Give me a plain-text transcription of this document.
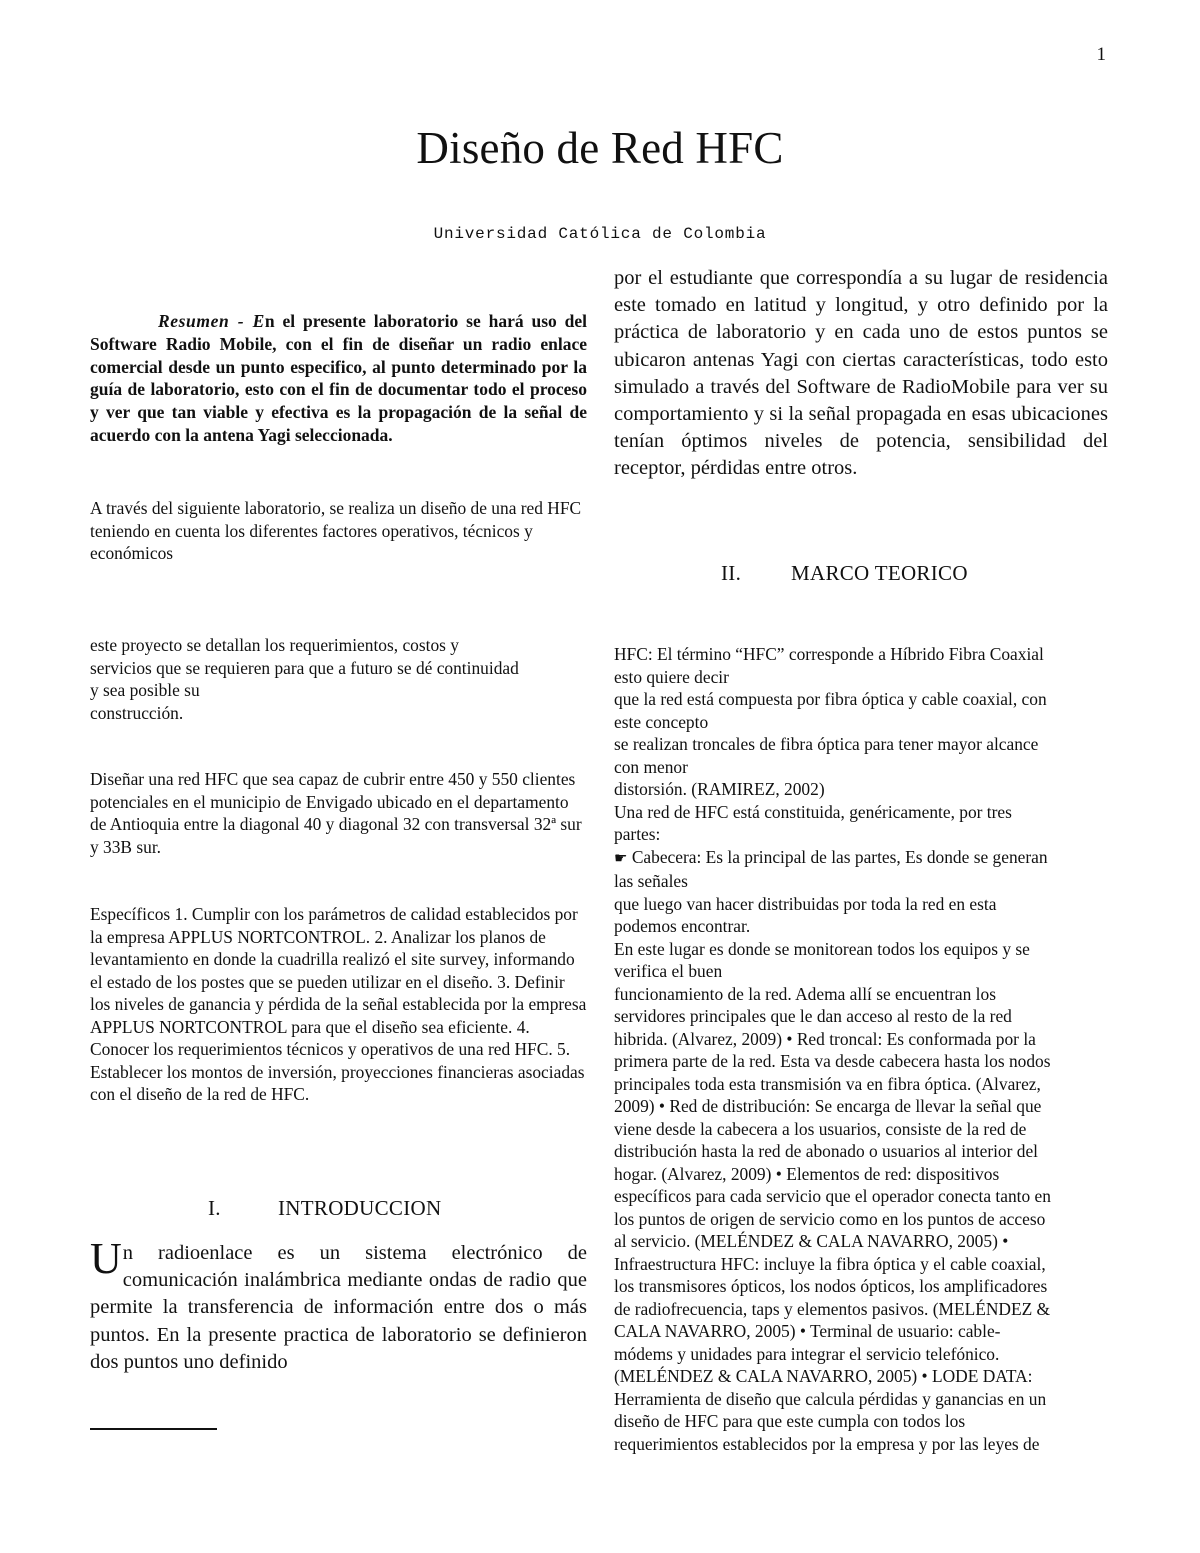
1
Diseño de Red HFC
Universidad Católica de Colombia
Resumen - En el presente laboratorio se hará uso del Software Radio Mobile, con el fin de diseñar un radio enlace comercial desde un punto especifico, al punto determinado por la guía de laboratorio, esto con el fin de documentar todo el proceso y ver que tan viable y efectiva es la propagación de la señal de acuerdo con la antena Yagi seleccionada.

A través del siguiente laboratorio, se realiza un diseño de una red HFC teniendo en cuenta los diferentes factores operativos, técnicos y económicos

este proyecto se detallan los requerimientos, costos y
servicios que se requieren para que a futuro se dé continuidad
y sea posible su
construcción.

Diseñar una red HFC que sea capaz de cubrir entre 450 y 550 clientes potenciales en el municipio de Envigado ubicado en el departamento de Antioquia entre la diagonal 40 y diagonal 32 con transversal 32ª sur y 33B sur.

Específicos 1. Cumplir con los parámetros de calidad establecidos por la empresa APPLUS NORTCONTROL. 2. Analizar los planos de levantamiento en donde la cuadrilla realizó el site survey, informando el estado de los postes que se pueden utilizar en el diseño. 3. Definir los niveles de ganancia y pérdida de la señal establecida por la empresa APPLUS NORTCONTROL para que el diseño sea eficiente. 4. Conocer los requerimientos técnicos y operativos de una red HFC. 5. Establecer los montos de inversión, proyecciones financieras asociadas con el diseño de la red de HFC.

I.	INTRODUCCION
Un radioenlace es un sistema electrónico de comunicación inalámbrica mediante ondas de radio que permite la transferencia de información entre dos o más puntos. En la presente practica de laboratorio se definieron dos puntos uno definido

por el estudiante que correspondía a su lugar de residencia este tomado en latitud y longitud, y otro definido por la práctica de laboratorio y en cada uno de estos puntos se ubicaron antenas Yagi con ciertas características, todo esto simulado a través del Software de RadioMobile para ver su comportamiento y si la señal propagada en esas ubicaciones tenían óptimos niveles de potencia, sensibilidad del receptor, pérdidas entre otros.

II. MARCO TEORICO
HFC: El término “HFC” corresponde a Híbrido Fibra Coaxial
esto quiere decir
que la red está compuesta por fibra óptica y cable coaxial, con
este concepto
se realizan troncales de fibra óptica para tener mayor alcance
con menor
distorsión. (RAMIREZ, 2002)
Una red de HFC está constituida, genéricamente, por tres
partes:
☛ Cabecera: Es la principal de las partes, Es donde se generan
las señales
que luego van hacer distribuidas por toda la red en esta
podemos encontrar.
En este lugar es donde se monitorean todos los equipos y se
verifica el buen
funcionamiento de la red. Adema allí se encuentran los
servidores principales que le dan acceso al resto de la red
hibrida. (Alvarez, 2009) • Red troncal: Es conformada por la
primera parte de la red. Esta va desde cabecera hasta los nodos
principales toda esta transmisión va en fibra óptica. (Alvarez,
2009) • Red de distribución: Se encarga de llevar la señal que
viene desde la cabecera a los usuarios, consiste de la red de
distribución hasta la red de abonado o usuarios al interior del
hogar. (Alvarez, 2009) • Elementos de red: dispositivos
específicos para cada servicio que el operador conecta tanto en
los puntos de origen de servicio como en los puntos de acceso
al servicio. (MELÉNDEZ & CALA NAVARRO, 2005) •
Infraestructura HFC: incluye la fibra óptica y el cable coaxial,
los transmisores ópticos, los nodos ópticos, los amplificadores
de radiofrecuencia, taps y elementos pasivos. (MELÉNDEZ &
CALA NAVARRO, 2005) • Terminal de usuario: cable-
módems y unidades para integrar el servicio telefónico.
(MELÉNDEZ & CALA NAVARRO, 2005) • LODE DATA:
Herramienta de diseño que calcula pérdidas y ganancias en un
diseño de HFC para que este cumpla con todos los
requerimientos establecidos por la empresa y por las leyes de
